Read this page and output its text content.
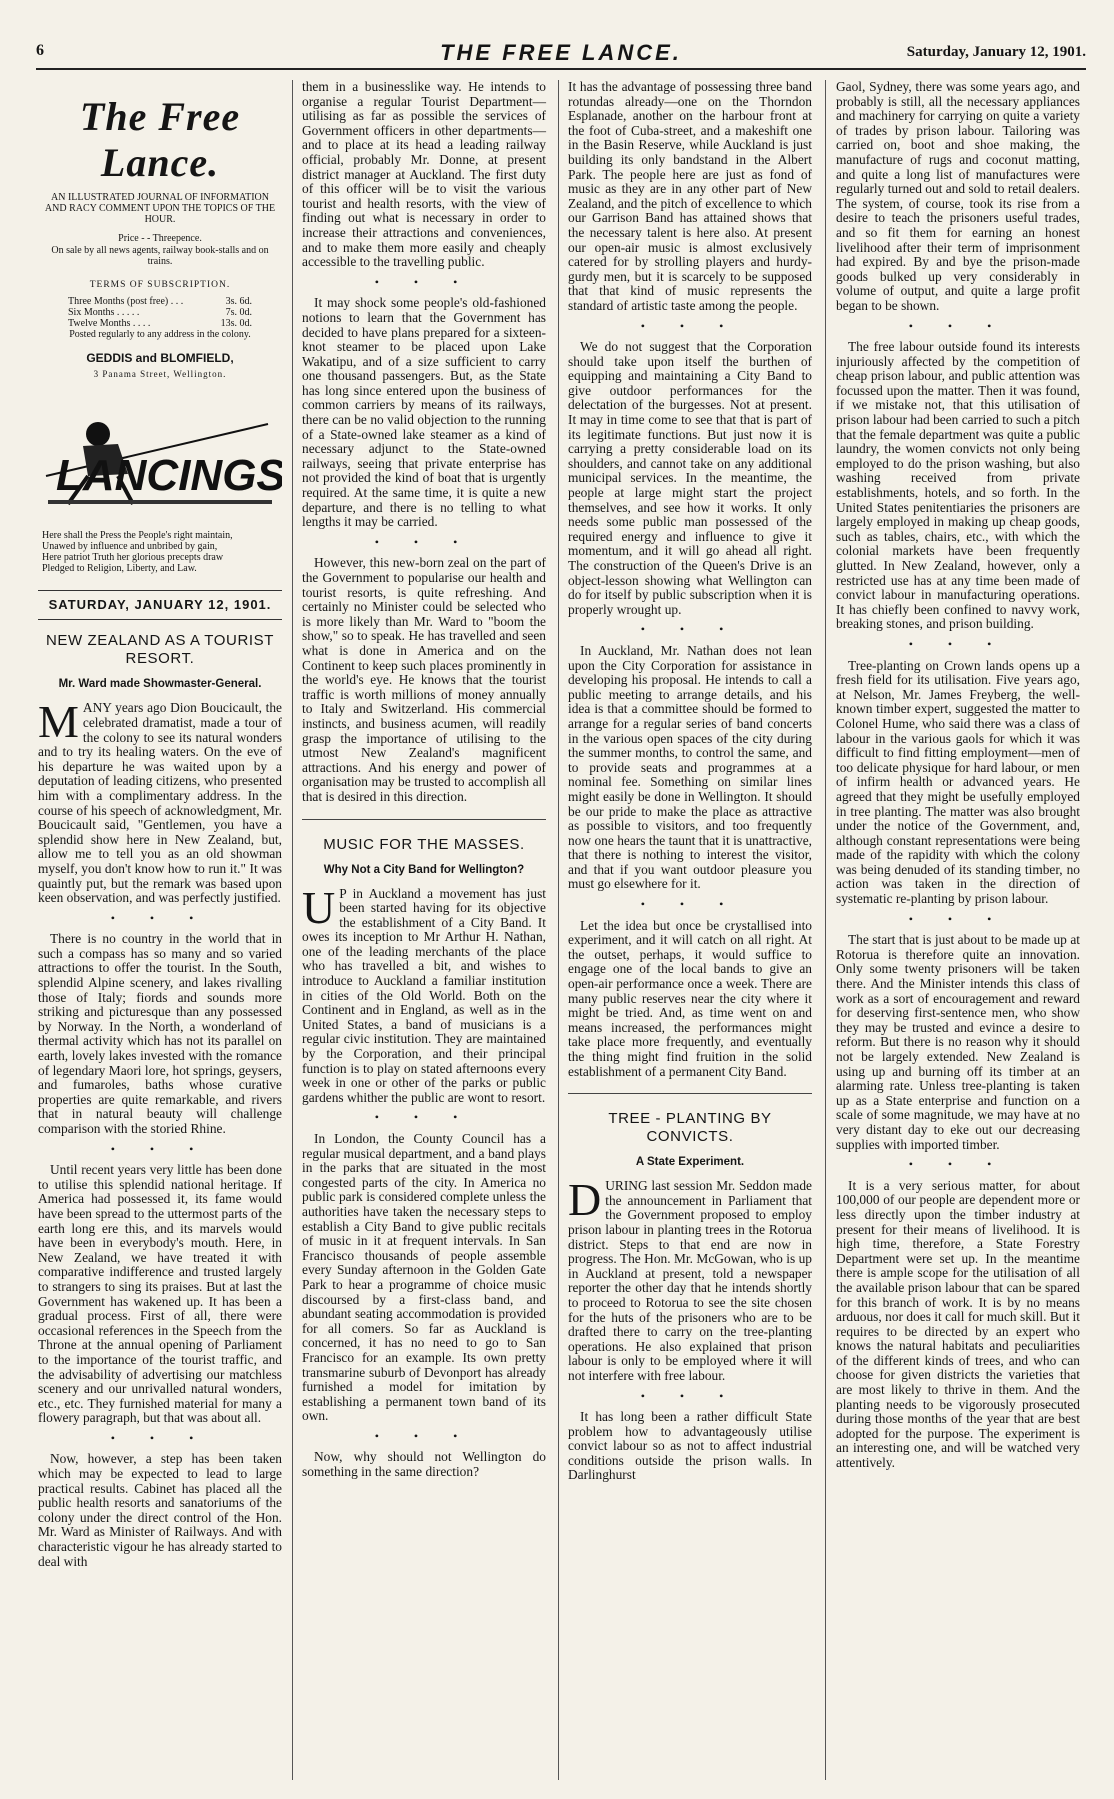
6	THE FREE LANCE.	Saturday, January 12, 1901.
The Free Lance.
AN ILLUSTRATED JOURNAL OF INFORMATION AND RACY COMMENT UPON THE TOPICS OF THE HOUR.
Price - - Threepence.
On sale by all news agents, railway book-stalls and on trains.
TERMS OF SUBSCRIPTION.
Three Months (post free) . . .	3s. 6d.
Six Months . . . . .	7s. 0d.
Twelve Months . . . .	13s. 0d.
Posted regularly to any address in the colony.
GEDDIS and BLOMFIELD,
3 Panama Street, Wellington.
LANCINGS
Here shall the Press the People's right maintain,
Unawed by influence and unbribed by gain,
Here patriot Truth her glorious precepts draw
Pledged to Religion, Liberty, and Law.
SATURDAY, JANUARY 12, 1901.
NEW ZEALAND AS A TOURIST RESORT.
Mr. Ward made Showmaster-General.

MANY years ago Dion Boucicault, the celebrated dramatist, made a tour of the colony to see its natural wonders and to try its healing waters. On the eve of his departure he was waited upon by a deputation of leading citizens, who presented him with a complimentary address. In the course of his speech of acknowledgment, Mr. Boucicault said, "Gentlemen, you have a splendid show here in New Zealand, but, allow me to tell you as an old showman myself, you don't know how to run it." It was quaintly put, but the remark was based upon keen observation, and was perfectly justified.

• • •

There is no country in the world that in such a compass has so many and so varied attractions to offer the tourist. In the South, splendid Alpine scenery, and lakes rivalling those of Italy; fiords and sounds more striking and picturesque than any possessed by Norway. In the North, a wonderland of thermal activity which has not its parallel on earth, lovely lakes invested with the romance of legendary Maori lore, hot springs, geysers, and fumaroles, baths whose curative properties are quite remarkable, and rivers that in natural beauty will challenge comparison with the storied Rhine.

• • •

Until recent years very little has been done to utilise this splendid national heritage. If America had possessed it, its fame would have been spread to the uttermost parts of the earth long ere this, and its marvels would have been in everybody's mouth. Here, in New Zealand, we have treated it with comparative indifference and trusted largely to strangers to sing its praises. But at last the Government has wakened up. It has been a gradual process. First of all, there were occasional references in the Speech from the Throne at the annual opening of Parliament to the importance of the tourist traffic, and the advisability of advertising our matchless scenery and our unrivalled natural wonders, etc., etc. They furnished material for many a flowery paragraph, but that was about all.

• • •

Now, however, a step has been taken which may be expected to lead to large practical results. Cabinet has placed all the public health resorts and sanatoriums of the colony under the direct control of the Hon. Mr. Ward as Minister of Railways. And with characteristic vigour he has already started to deal with

them in a businesslike way. He intends to organise a regular Tourist Department—utilising as far as possible the services of Government officers in other departments—and to place at its head a leading railway official, probably Mr. Donne, at present district manager at Auckland. The first duty of this officer will be to visit the various tourist and health resorts, with the view of finding out what is necessary in order to increase their attractions and conveniences, and to make them more easily and cheaply accessible to the travelling public.

• • •

It may shock some people's old-fashioned notions to learn that the Government has decided to have plans prepared for a sixteen-knot steamer to be placed upon Lake Wakatipu, and of a size sufficient to carry one thousand passengers. But, as the State has long since entered upon the business of common carriers by means of its railways, there can be no valid objection to the running of a State-owned lake steamer as a kind of necessary adjunct to the State-owned railways, seeing that private enterprise has not provided the kind of boat that is urgently required. At the same time, it is quite a new departure, and there is no telling to what lengths it may be carried.

• • •

However, this new-born zeal on the part of the Government to popularise our health and tourist resorts, is quite refreshing. And certainly no Minister could be selected who is more likely than Mr. Ward to "boom the show," so to speak. He has travelled and seen what is done in America and on the Continent to keep such places prominently in the world's eye. He knows that the tourist traffic is worth millions of money annually to Italy and Switzerland. His commercial instincts, and business acumen, will readily grasp the importance of utilising to the utmost New Zealand's magnificent attractions. And his energy and power of organisation may be trusted to accomplish all that is desired in this direction.

MUSIC FOR THE MASSES.
Why Not a City Band for Wellington?

U P in Auckland a movement has just been started having for its objective the establishment of a City Band. It owes its inception to Mr Arthur H. Nathan, one of the leading merchants of the place who has travelled a bit, and wishes to introduce to Auckland a familiar institution in cities of the Old World. Both on the Continent and in England, as well as in the United States, a band of musicians is a regular civic institution. They are maintained by the Corporation, and their principal function is to play on stated afternoons every week in one or other of the parks or public gardens whither the public are wont to resort.

• • •

In London, the County Council has a regular musical department, and a band plays in the parks that are situated in the most congested parts of the city. In America no public park is considered complete unless the authorities have taken the necessary steps to establish a City Band to give public recitals of music in it at frequent intervals. In San Francisco thousands of people assemble every Sunday afternoon in the Golden Gate Park to hear a programme of choice music discoursed by a first-class band, and abundant seating accommodation is provided for all comers. So far as Auckland is concerned, it has no need to go to San Francisco for an example. Its own pretty transmarine suburb of Devonport has already furnished a model for imitation by establishing a permanent town band of its own.

• • •

Now, why should not Wellington do something in the same direction?

It has the advantage of possessing three band rotundas already—one on the Thorndon Esplanade, another on the harbour front at the foot of Cuba-street, and a makeshift one in the Basin Reserve, while Auckland is just building its only bandstand in the Albert Park. The people here are just as fond of music as they are in any other part of New Zealand, and the pitch of excellence to which our Garrison Band has attained shows that the necessary talent is here also. At present our open-air music is almost exclusively catered for by strolling players and hurdy-gurdy men, but it is scarcely to be supposed that that kind of music represents the standard of artistic taste among the people.

• • •

We do not suggest that the Corporation should take upon itself the burthen of equipping and maintaining a City Band to give outdoor performances for the delectation of the burgesses. Not at present. It may in time come to see that that is part of its legitimate functions. But just now it is carrying a pretty considerable load on its shoulders, and cannot take on any additional municipal services. In the meantime, the people at large might start the project themselves, and see how it works. It only needs some public man possessed of the required energy and influence to give it momentum, and it will go ahead all right. The construction of the Queen's Drive is an object-lesson showing what Wellington can do for itself by public subscription when it is properly wrought up.

• • •

In Auckland, Mr. Nathan does not lean upon the City Corporation for assistance in developing his proposal. He intends to call a public meeting to arrange details, and his idea is that a committee should be formed to arrange for a regular series of band concerts in the various open spaces of the city during the summer months, to control the same, and to provide seats and programmes at a nominal fee. Something on similar lines might easily be done in Wellington. It should be our pride to make the place as attractive as possible to visitors, and too frequently now one hears the taunt that it is unattractive, that there is nothing to interest the visitor, and that if you want outdoor pleasure you must go elsewhere for it.

• • •

Let the idea but once be crystallised into experiment, and it will catch on all right. At the outset, perhaps, it would suffice to engage one of the local bands to give an open-air performance once a week. There are many public reserves near the city where it might be tried. And, as time went on and means increased, the performances might take place more frequently, and eventually the thing might find fruition in the solid establishment of a permanent City Band.

TREE - PLANTING BY CONVICTS.
A State Experiment.

DURING last session Mr. Seddon made the announcement in Parliament that the Government proposed to employ prison labour in planting trees in the Rotorua district. Steps to that end are now in progress. The Hon. Mr. McGowan, who is up in Auckland at present, told a newspaper reporter the other day that he intends shortly to proceed to Rotorua to see the site chosen for the huts of the prisoners who are to be drafted there to carry on the tree-planting operations. He also explained that prison labour is only to be employed where it will not interfere with free labour.

• • •

It has long been a rather difficult State problem how to advantageously utilise convict labour so as not to affect industrial conditions outside the prison walls. In Darlinghurst

Gaol, Sydney, there was some years ago, and probably is still, all the necessary appliances and machinery for carrying on quite a variety of trades by prison labour. Tailoring was carried on, boot and shoe making, the manufacture of rugs and coconut matting, and quite a long list of manufactures were regularly turned out and sold to retail dealers. The system, of course, took its rise from a desire to teach the prisoners useful trades, and so fit them for earning an honest livelihood after their term of imprisonment had expired. By and bye the prison-made goods bulked up very considerably in volume of output, and quite a large profit began to be shown.

• • •

The free labour outside found its interests injuriously affected by the competition of cheap prison labour, and public attention was focussed upon the matter. Then it was found, if we mistake not, that this utilisation of prison labour had been carried to such a pitch that the female department was quite a public laundry, the women convicts not only being employed to do the prison washing, but also washing received from private establishments, hotels, and so forth. In the United States penitentiaries the prisoners are largely employed in making up cheap goods, such as tables, chairs, etc., with which the colonial markets have been frequently glutted. In New Zealand, however, only a restricted use has at any time been made of convict labour in manufacturing operations. It has chiefly been confined to navvy work, breaking stones, and prison building.

• • •

Tree-planting on Crown lands opens up a fresh field for its utilisation. Five years ago, at Nelson, Mr. James Freyberg, the well-known timber expert, suggested the matter to Colonel Hume, who said there was a class of labour in the various gaols for which it was difficult to find fitting employment—men of too delicate physique for hard labour, or men of infirm health or advanced years. He agreed that they might be usefully employed in tree planting. The matter was also brought under the notice of the Government, and, although constant representations were being made of the rapidity with which the colony was being denuded of its standing timber, no action was taken in the direction of systematic re-planting by prison labour.

• • •

The start that is just about to be made up at Rotorua is therefore quite an innovation. Only some twenty prisoners will be taken there. And the Minister intends this class of work as a sort of encouragement and reward for deserving first-sentence men, who show they may be trusted and evince a desire to reform. But there is no reason why it should not be largely extended. New Zealand is using up and burning off its timber at an alarming rate. Unless tree-planting is taken up as a State enterprise and function on a scale of some magnitude, we may have at no very distant day to eke out our decreasing supplies with imported timber.

• • •

It is a very serious matter, for about 100,000 of our people are dependent more or less directly upon the timber industry at present for their means of livelihood. It is high time, therefore, a State Forestry Department were set up. In the meantime there is ample scope for the utilisation of all the available prison labour that can be spared for this branch of work. It is by no means arduous, nor does it call for much skill. But it requires to be directed by an expert who knows the natural habitats and peculiarities of the different kinds of trees, and who can choose for given districts the varieties that are most likely to thrive in them. And the planting needs to be vigorously prosecuted during those months of the year that are best adopted for the purpose. The experiment is an interesting one, and will be watched very attentively.
